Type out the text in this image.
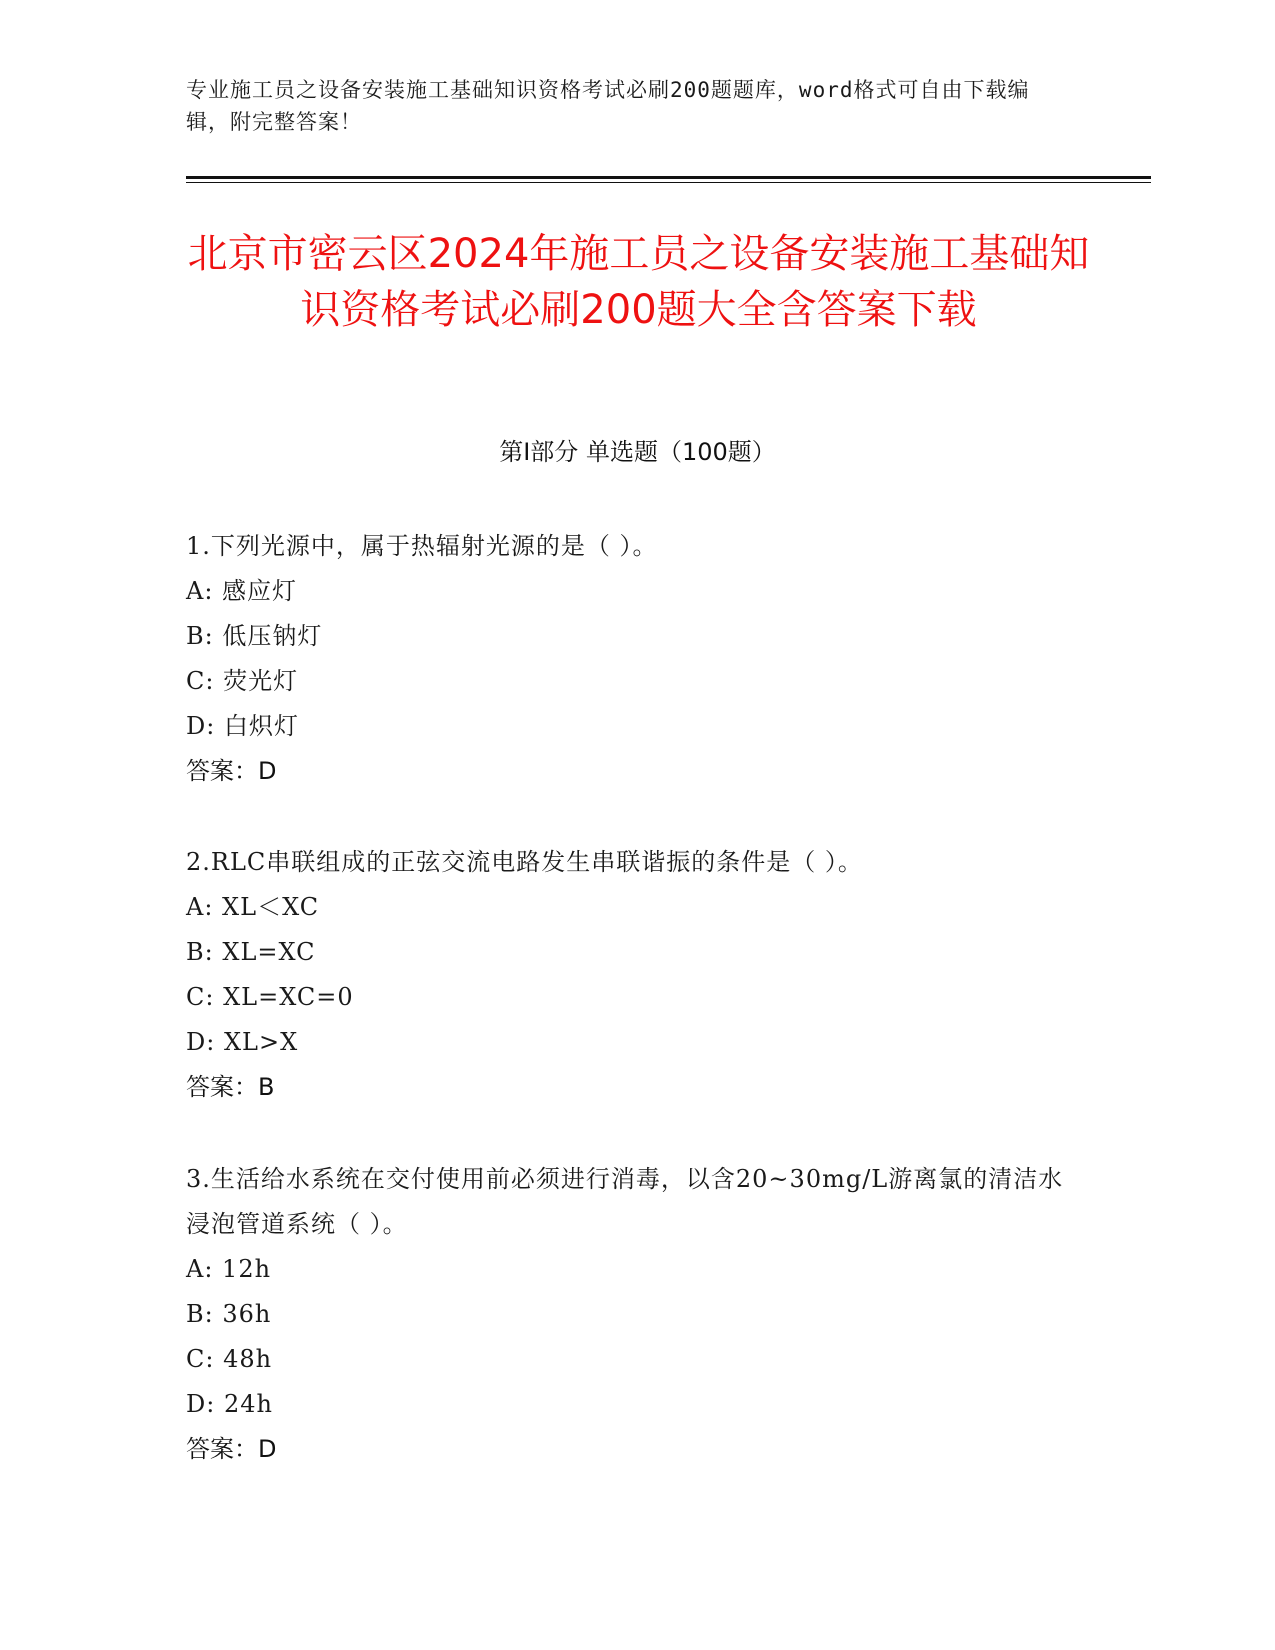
专业施工员之设备安装施工基础知识资格考试必刷200题题库，word格式可自由下载编辑，附完整答案！
北京市密云区2024年施工员之设备安装施工基础知识资格考试必刷200题大全含答案下载
第I部分 单选题（100题）
1.下列光源中，属于热辐射光源的是（ ）。
A: 感应灯
B: 低压钠灯
C: 荧光灯
D: 白炽灯
答案：D
2.RLC串联组成的正弦交流电路发生串联谐振的条件是（ ）。
A: XL＜XC
B: XL=XC
C: XL=XC=0
D: XL>X
答案：B
3.生活给水系统在交付使用前必须进行消毒，以含20~30mg/L游离氯的清洁水浸泡管道系统（ ）。
A: 12h
B: 36h
C: 48h
D: 24h
答案：D
